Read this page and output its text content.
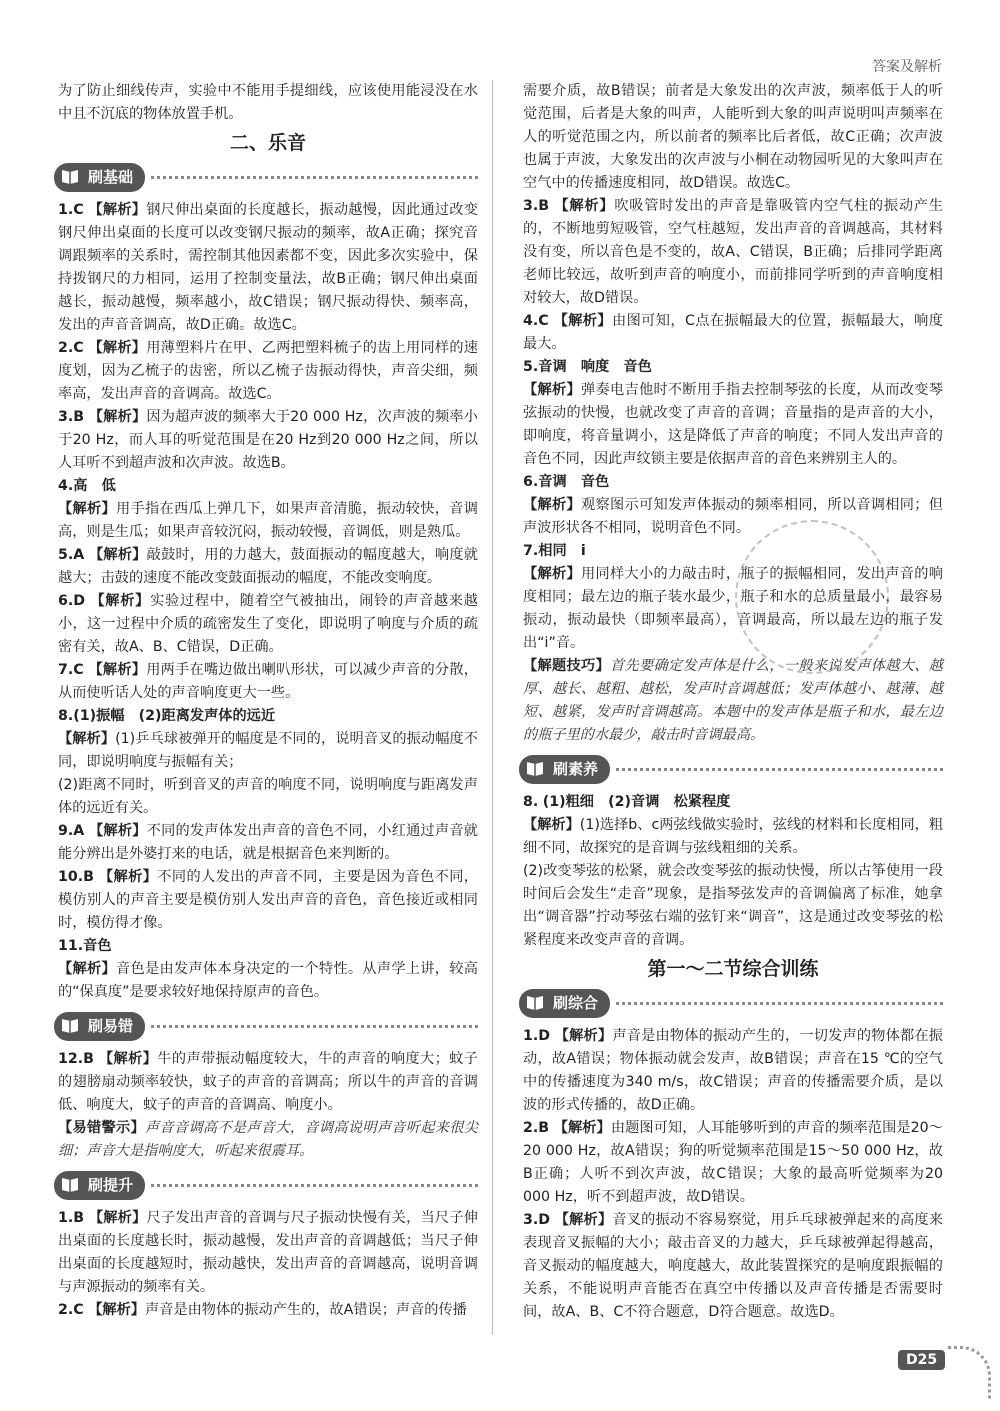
答案及解析

为了防止细线传声，实验中不能用手提细线，应该使用能浸没在水中且不沉底的物体放置手机。

二、乐音
刷基础
1.C 【 解析 】 钢尺伸出桌面的长度越长，振动越慢，因此通过改变钢尺伸出桌面的长度可以改变钢尺振动的频率，故A正确；探究音调跟频率的关系时，需控制其他因素都不变，因此多次实验中，保持拨钢尺的力相同，运用了控制变量法，故B正确；钢尺伸出桌面越长，振动越慢，频率越小，故C错误；钢尺振动得快、频率高，发出的声音音调高，故D正确。故选C。
2.C 【 解析 】 用薄塑料片在甲、乙两把塑料梳子的齿上用同样的速度划，因为乙梳子的齿密，所以乙梳子齿振动得快，声音尖细，频率高，发出声音的音调高。故选C。
3.B 【 解析 】 因为超声波的频率大于20 000 Hz，次声波的频率小于20 Hz，而人耳的听觉范围是在20 Hz到20 000 Hz之间，所以人耳听不到超声波和次声波。故选B。
4.高　低
【 解析 】 用手指在西瓜上弹几下，如果声音清脆，振动较快，音调高，则是生瓜；如果声音较沉闷，振动较慢，音调低，则是熟瓜。
5.A 【 解析 】 敲鼓时，用的力越大，鼓面振动的幅度越大，响度就越大；击鼓的速度不能改变鼓面振动的幅度，不能改变响度。
6.D 【 解析 】 实验过程中，随着空气被抽出，闹铃的声音越来越小，这一过程中介质的疏密发生了变化，即说明了响度与介质的疏密有关，故A、B、C错误，D正确。
7.C 【 解析 】 用两手在嘴边做出喇叭形状，可以减少声音的分散，从而使听话人处的声音响度更大一些。
8.(1)振幅　(2)距离发声体的远近
【 解析 】 (1)乒乓球被弹开的幅度是不同的，说明音叉的振动幅度不同，即说明响度与振幅有关；
(2)距离不同时，听到音叉的声音的响度不同，说明响度与距离发声体的远近有关。
9.A 【 解析 】 不同的发声体发出声音的音色不同，小红通过声音就能分辨出是外婆打来的电话，就是根据音色来判断的。
10.B 【 解析 】 不同的人发出的声音不同，主要是因为音色不同，模仿别人的声音主要是模仿别人发出声音的音色，音色接近或相同时，模仿得才像。
11.音色
【 解析 】 音色是由发声体本身决定的一个特性。从声学上讲，较高的“保真度”是要求较好地保持原声的音色。
刷易错
12.B 【 解析 】 牛的声带振动幅度较大，牛的声音的响度大；蚊子的翅膀扇动频率较快，蚊子的声音的音调高；所以牛的声音的音调低、响度大，蚊子的声音的音调高、响度小。
【 易错警示 】 声音音调高不是声音大，音调高说明声音听起来很尖细；声音大是指响度大，听起来很震耳。
刷提升
1.B 【 解析 】 尺子发出声音的音调与尺子振动快慢有关，当尺子伸出桌面的长度越长时，振动越慢，发出声音的音调越低；当尺子伸出桌面的长度越短时，振动越快，发出声音的音调越高，说明音调与声源振动的频率有关。
2.C 【 解析 】 声音是由物体的振动产生的，故A错误；声音的传播

需要介质，故B错误；前者是大象发出的次声波，频率低于人的听觉范围，后者是大象的叫声，人能听到大象的叫声说明叫声频率在人的听觉范围之内，所以前者的频率比后者低，故C正确；次声波也属于声波，大象发出的次声波与小桐在动物园听见的大象叫声在空气中的传播速度相同，故D错误。故选C。

3.B 【 解析 】 吹吸管时发出的声音是靠吸管内空气柱的振动产生的，不断地剪短吸管，空气柱越短，发出声音的音调越高，其材料没有变，所以音色是不变的，故A、C错误，B正确；后排同学距离老师比较远，故听到声音的响度小，而前排同学听到的声音响度相对较大，故D错误。
4.C 【 解析 】 由图可知，C点在振幅最大的位置，振幅最大，响度最大。
5.音调　响度　音色
【 解析 】 弹奏电吉他时不断用手指去控制琴弦的长度，从而改变琴弦振动的快慢，也就改变了声音的音调；音量指的是声音的大小，即响度，将音量调小，这是降低了声音的响度；不同人发出声音的音色不同，因此声纹锁主要是依据声音的音色来辨别主人的。
6.音调　音色
【 解析 】 观察图示可知发声体振动的频率相同，所以音调相同；但声波形状各不相同，说明音色不同。
7.相同　i
【 解析 】 用同样大小的力敲击时，瓶子的振幅相同，发出声音的响度相同；最左边的瓶子装水最少，瓶子和水的总质量最小，最容易振动，振动最快（即频率最高），音调最高，所以最左边的瓶子发出“i”音。
【 解题技巧 】 首先要确定发声体是什么，一般来说发声体越大、越厚、越长、越粗、越松，发声时音调越低；发声体越小、越薄、越短、越紧，发声时音调越高。本题中的发声体是瓶子和水，最左边的瓶子里的水最少，敲击时音调最高。
刷素养
8. (1)粗细　(2)音调　松紧程度
【 解析 】 (1)选择b、c两弦线做实验时，弦线的材料和长度相同，粗细不同，故探究的是音调与弦线粗细的关系。
(2)改变琴弦的松紧，就会改变琴弦的振动快慢，所以古筝使用一段时间后会发生“走音”现象，是指琴弦发声的音调偏离了标准，她拿出“调音器”拧动琴弦右端的弦钉来“调音”，这是通过改变琴弦的松紧程度来改变声音的音调。
第一～二节综合训练
刷综合
1.D 【 解析 】 声音是由物体的振动产生的，一切发声的物体都在振动，故A错误；物体振动就会发声，故B错误；声音在15 ℃的空气中的传播速度为340 m/s，故C错误；声音的传播需要介质，是以波的形式传播的，故D正确。
2.B 【 解析 】 由题图可知，人耳能够听到的声音的频率范围是20～20 000 Hz，故A错误；狗的听觉频率范围是15～50 000 Hz，故B正确；人听不到次声波，故C错误；大象的最高听觉频率为20 000 Hz，听不到超声波，故D错误。
3.D 【 解析 】 音叉的振动不容易察觉，用乒乓球被弹起来的高度来表现音叉振幅的大小；敲击音叉的力越大，乒乓球被弹起得越高，音叉振动的幅度越大，响度越大，故此装置探究的是响度跟振幅的关系，不能说明声音能否在真空中传播以及声音传播是否需要时间，故A、B、C不符合题意，D符合题意。故选D。
D25
